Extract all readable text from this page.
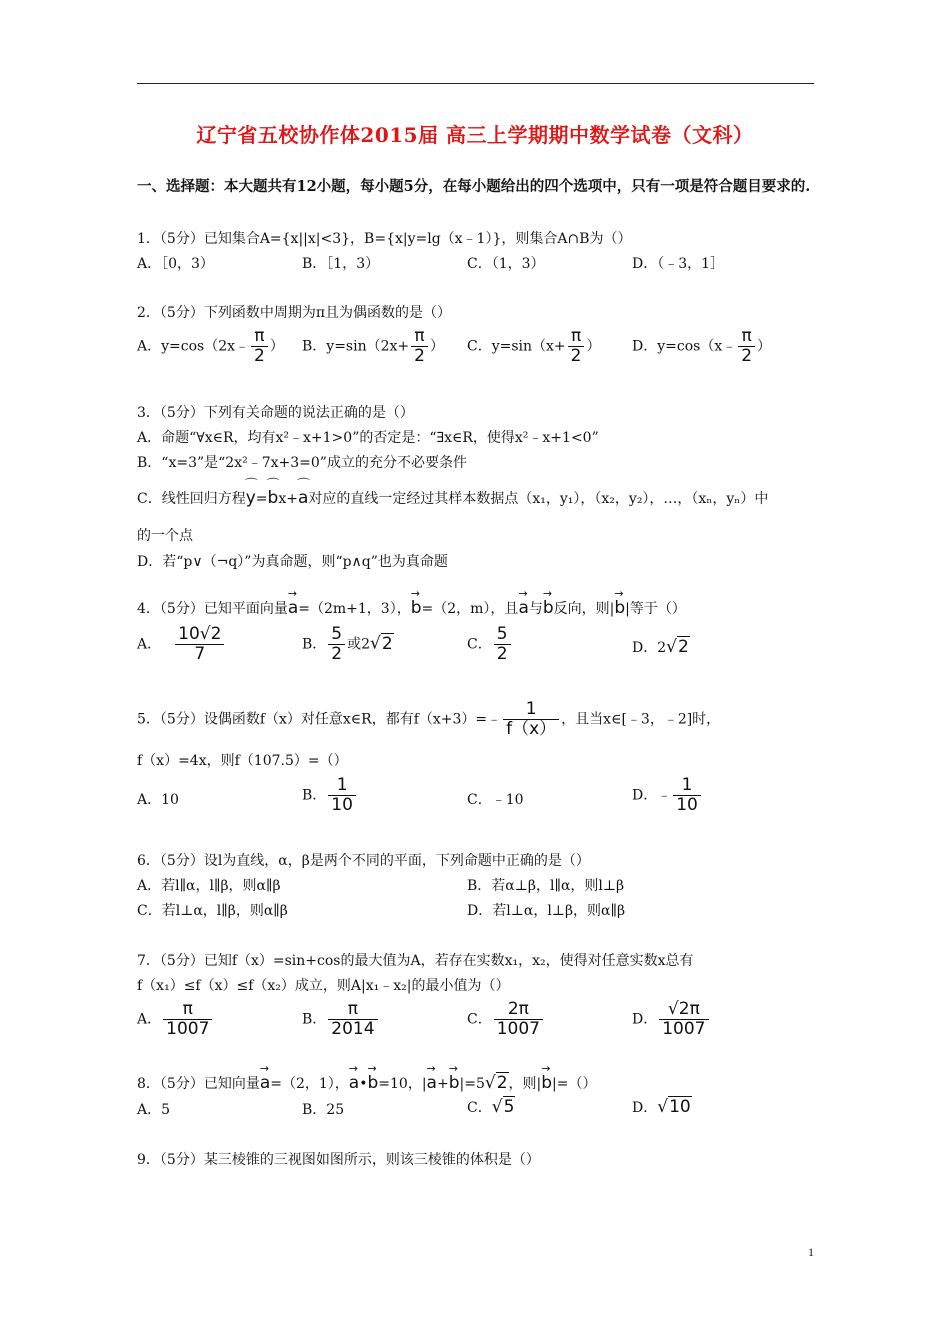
辽宁省五校协作体2015届 高三上学期期中数学试卷（文科）
一、选择题：本大题共有12小题，每小题5分，在每小题给出的四个选项中，只有一项是符合题目要求的.
1．（5分）已知集合A={x||x|<3}，B={x|y=lg（x﹣1）}，则集合A∩B为（）
A．［0，3）	B．［1，3）	C．（1，3）	D．（﹣3，1］
2．（5分）下列函数中周期为π且为偶函数的是（）
A．y=cos（2x﹣ $\frac{\pi}{2}$ ） B．$y=\sin(2x+ \frac{\pi}{2}$ ） C．$y=\sin(x+ \frac{\pi}{2}$ ） D．y=cos（x﹣ $\frac{\pi}{2}$ ）
3．（5分）下列有关命题的说法正确的是（）
A．命题“∀x∈R，均有x²﹣x+1>0”的否定是：“∃x∈R，使得x²﹣x+1<0”
B．“x=3”是“2x²﹣7x+3=0”成立的充分不必要条件
C．线性回归方程⌒ y=⌒ bx+⌒ a对应的直线一定经过其样本数据点（x₁，y₁），（x₂，y₂），…，（xₙ，yₙ）中
的一个点
D．若“p∨（¬q）”为真命题，则“p∧q”也为真命题
4．（5分）已知平面向量→ a=（2m+1，3），→ b=（2，m），且→ a与→ b反向，则|→ b|等于（）
A． $\frac{10√2}{7}$	B． $\frac{5}{2}$ 或2√2	C． $\frac{5}{2}$	D．2√2
5．（5分）设偶函数f（x）对任意x∈R，都有f（x+3）=﹣ $\frac{1}{f(x)}$ ，且当x∈[﹣3，﹣2]时，
f（x）=4x，则f（107.5）=（）
A．10	B． $\frac{1}{10}$	C．﹣10	D．﹣ $\frac{1}{10}$
6．（5分）设l为直线，α，β是两个不同的平面，下列命题中正确的是（）
A．若l∥α，l∥β，则α∥β	B．若α⊥β，l∥α，则l⊥β
C．若l⊥α，l∥β，则α∥β	D．若l⊥α，l⊥β，则α∥β
7．（5分）已知f（x）=sin+cos的最大值为A，若存在实数x₁，x₂，使得对任意实数x总有
f（x₁）≤f（x）≤f（x₂）成立，则A|x₁﹣x₂|的最小值为（）
A． $\frac{\pi}{1007}$	B． $\frac{\pi}{2014}$	C． $\frac{2\pi}{1007}$	D． $\frac{√2\pi}{1007}$
8．（5分）已知向量→ a=（2，1），→ a•→ b=10，|→ a+→ b|=5√2，则|→ b|=（）
A．5	B．25	C．√5	D．√10
9．（5分）某三棱锥的三视图如图所示，则该三棱锥的体积是（）
1
